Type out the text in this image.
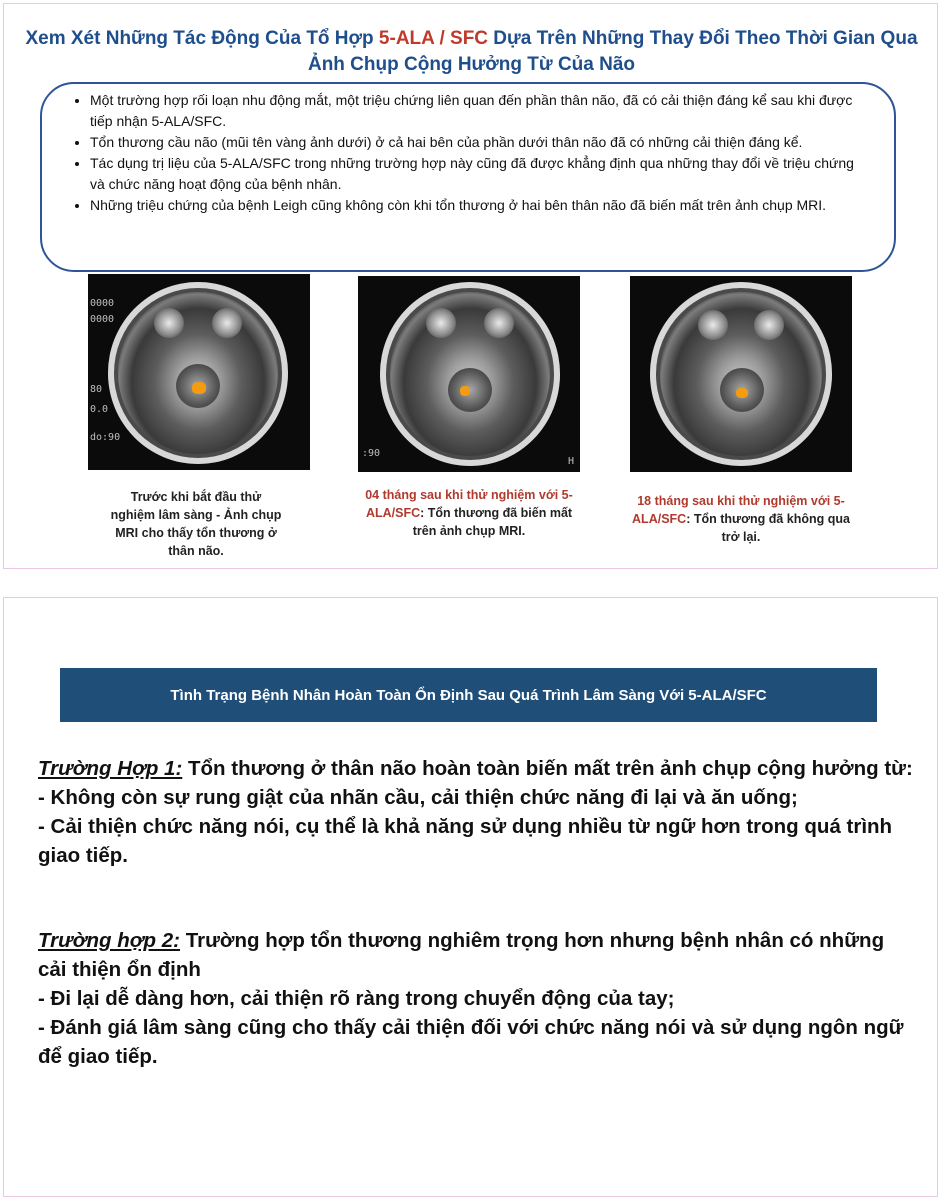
Xem Xét Những Tác Động Của Tổ Hợp 5-ALA / SFC Dựa Trên Những Thay Đổi Theo Thời Gian Qua Ảnh Chụp Cộng Hưởng Từ Của Não
• Một trường hợp rối loạn nhu động mắt, một triệu chứng liên quan đến phần thân não, đã có cải thiện đáng kể sau khi được tiếp nhận 5-ALA/SFC.
• Tổn thương cầu não (mũi tên vàng ảnh dưới) ở cả hai bên của phần dưới thân não đã có những cải thiện đáng kể.
• Tác dụng trị liệu của 5-ALA/SFC trong những trường hợp này cũng đã được khẳng định qua những thay đổi về triệu chứng và chức năng hoạt động của bệnh nhân.
• Những triệu chứng của bệnh Leigh cũng không còn khi tổn thương ở hai bên thân não đã biến mất trên ảnh chụp MRI.
0000
0000
80
0.0
do:90
:90
H
Trước khi bắt đầu thử nghiệm lâm sàng - Ảnh chụp MRI cho thấy tổn thương ở thân não.
04 tháng sau khi thử nghiệm với 5-ALA/SFC: Tổn thương đã biến mất trên ảnh chụp MRI.
18 tháng sau khi thử nghiệm với 5-ALA/SFC: Tổn thương đã không qua trở lại.
Tình Trạng Bệnh Nhân Hoàn Toàn Ổn Định Sau Quá Trình Lâm Sàng Với 5-ALA/SFC

Trường Hợp 1: Tổn thương ở thân não hoàn toàn biến mất trên ảnh chụp cộng hưởng từ:

- Không còn sự rung giật của nhãn cầu, cải thiện chức năng đi lại và ăn uống;

- Cải thiện chức năng nói, cụ thể là khả năng sử dụng nhiều từ ngữ hơn trong quá trình giao tiếp.

Trường hợp 2: Trường hợp tổn thương nghiêm trọng hơn nhưng bệnh nhân có những cải thiện ổn định

- Đi lại dễ dàng hơn, cải thiện rõ ràng trong chuyển động của tay;

- Đánh giá lâm sàng cũng cho thấy cải thiện đối với chức năng nói và sử dụng ngôn ngữ để giao tiếp.
